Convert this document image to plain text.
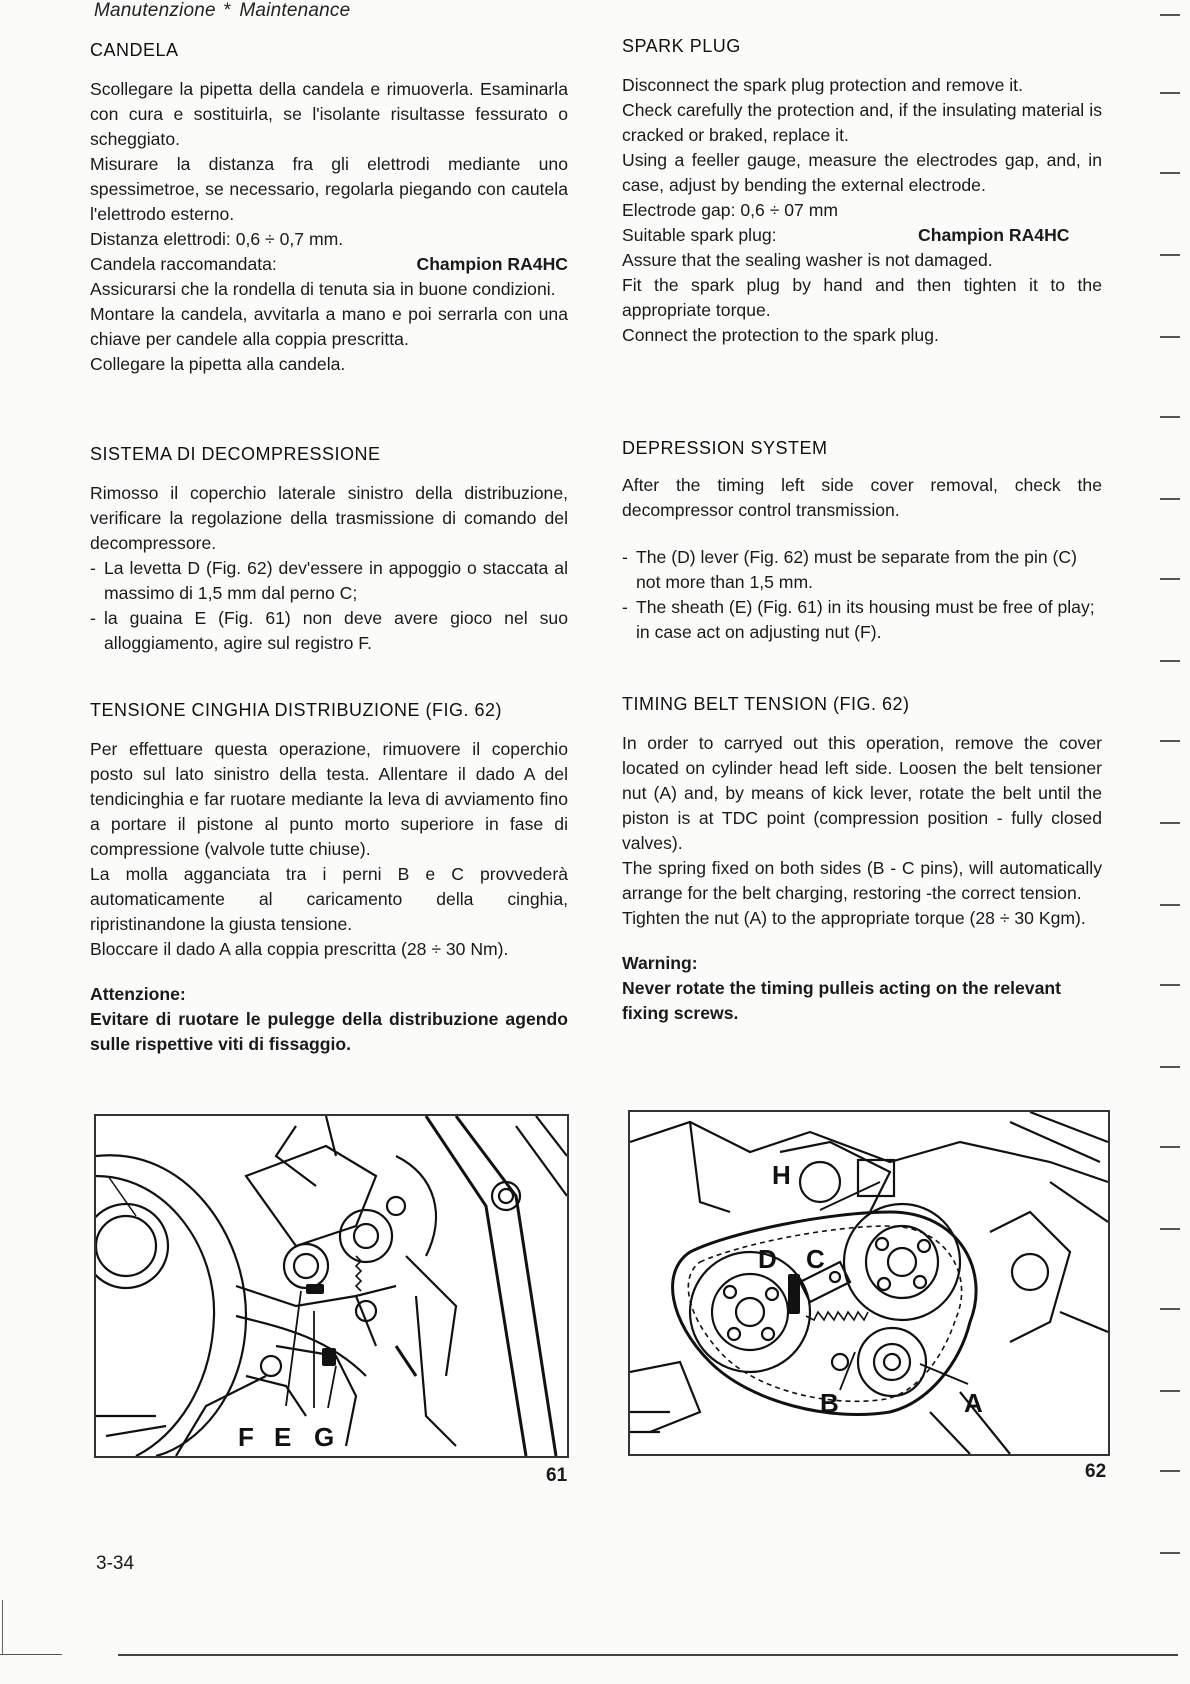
Manutenzione * Maintenance

CANDELA

Scollegare la pipetta della candela e rimuoverla. Esaminarla con cura e sostituirla, se l'isolante risultasse fessurato o scheggiato.

Misurare la distanza fra gli elettrodi mediante uno spessimetroe, se necessario, regolarla piegando con cautela l'elettrodo esterno.

Distanza elettrodi: 0,6 ÷ 0,7 mm.

Candela raccomandata:	Champion RA4HC

Assicurarsi che la rondella di tenuta sia in buone condizioni.

Montare la candela, avvitarla a mano e poi serrarla con una chiave per candele alla coppia prescritta.

Collegare la pipetta alla candela.

SPARK PLUG

Disconnect the spark plug protection and remove it.

Check carefully the protection and, if the insulating material is cracked or braked, replace it.

Using a feeller gauge, measure the electrodes gap, and, in case, adjust by bending the external electrode.

Electrode gap: 0,6 ÷ 07 mm

Suitable spark plug:	Champion RA4HC

Assure that the sealing washer is not damaged.

Fit the spark plug by hand and then tighten it to the appropriate torque.

Connect the protection to the spark plug.

SISTEMA DI DECOMPRESSIONE

Rimosso il coperchio laterale sinistro della distribuzione, verificare la regolazione della trasmissione di comando del decompressore.

- La levetta D (Fig. 62) dev'essere in appoggio o staccata al massimo di 1,5 mm dal perno C;
- la guaina E (Fig. 61) non deve avere gioco nel suo alloggiamento, agire sul registro F.

DEPRESSION SYSTEM

After the timing left side cover removal, check the decompressor control transmission.

- The (D) lever (Fig. 62) must be separate from the pin (C) not more than 1,5 mm.
- The sheath (E) (Fig. 61) in its housing must be free of play; in case act on adjusting nut (F).

TENSIONE CINGHIA DISTRIBUZIONE (FIG. 62)

Per effettuare questa operazione, rimuovere il coperchio posto sul lato sinistro della testa. Allentare il dado A del tendicinghia e far ruotare mediante la leva di avviamento fino a portare il pistone al punto morto superiore in fase di compressione (valvole tutte chiuse).

La molla agganciata tra i perni B e C provvederà automaticamente al caricamento della cinghia, ripristinandone la giusta tensione.

Bloccare il dado A alla coppia prescritta (28 ÷ 30 Nm).

Attenzione:

Evitare di ruotare le pulegge della distribuzione agendo sulle rispettive viti di fissaggio.

TIMING BELT TENSION (FIG. 62)

In order to carryed out this operation, remove the cover located on cylinder head left side. Loosen the belt tensioner nut (A) and, by means of kick lever, rotate the belt until the piston is at TDC point (compression position - fully closed valves).

The spring fixed on both sides (B - C pins), will automatically arrange for the belt charging, restoring -the correct tension.

Tighten the nut (A) to the appropriate torque (28 ÷ 30 Kgm).

Warning:

Never rotate the timing pulleis acting on the relevant fixing screws.

F E G
61
H
D C
B	A
62
3-34
